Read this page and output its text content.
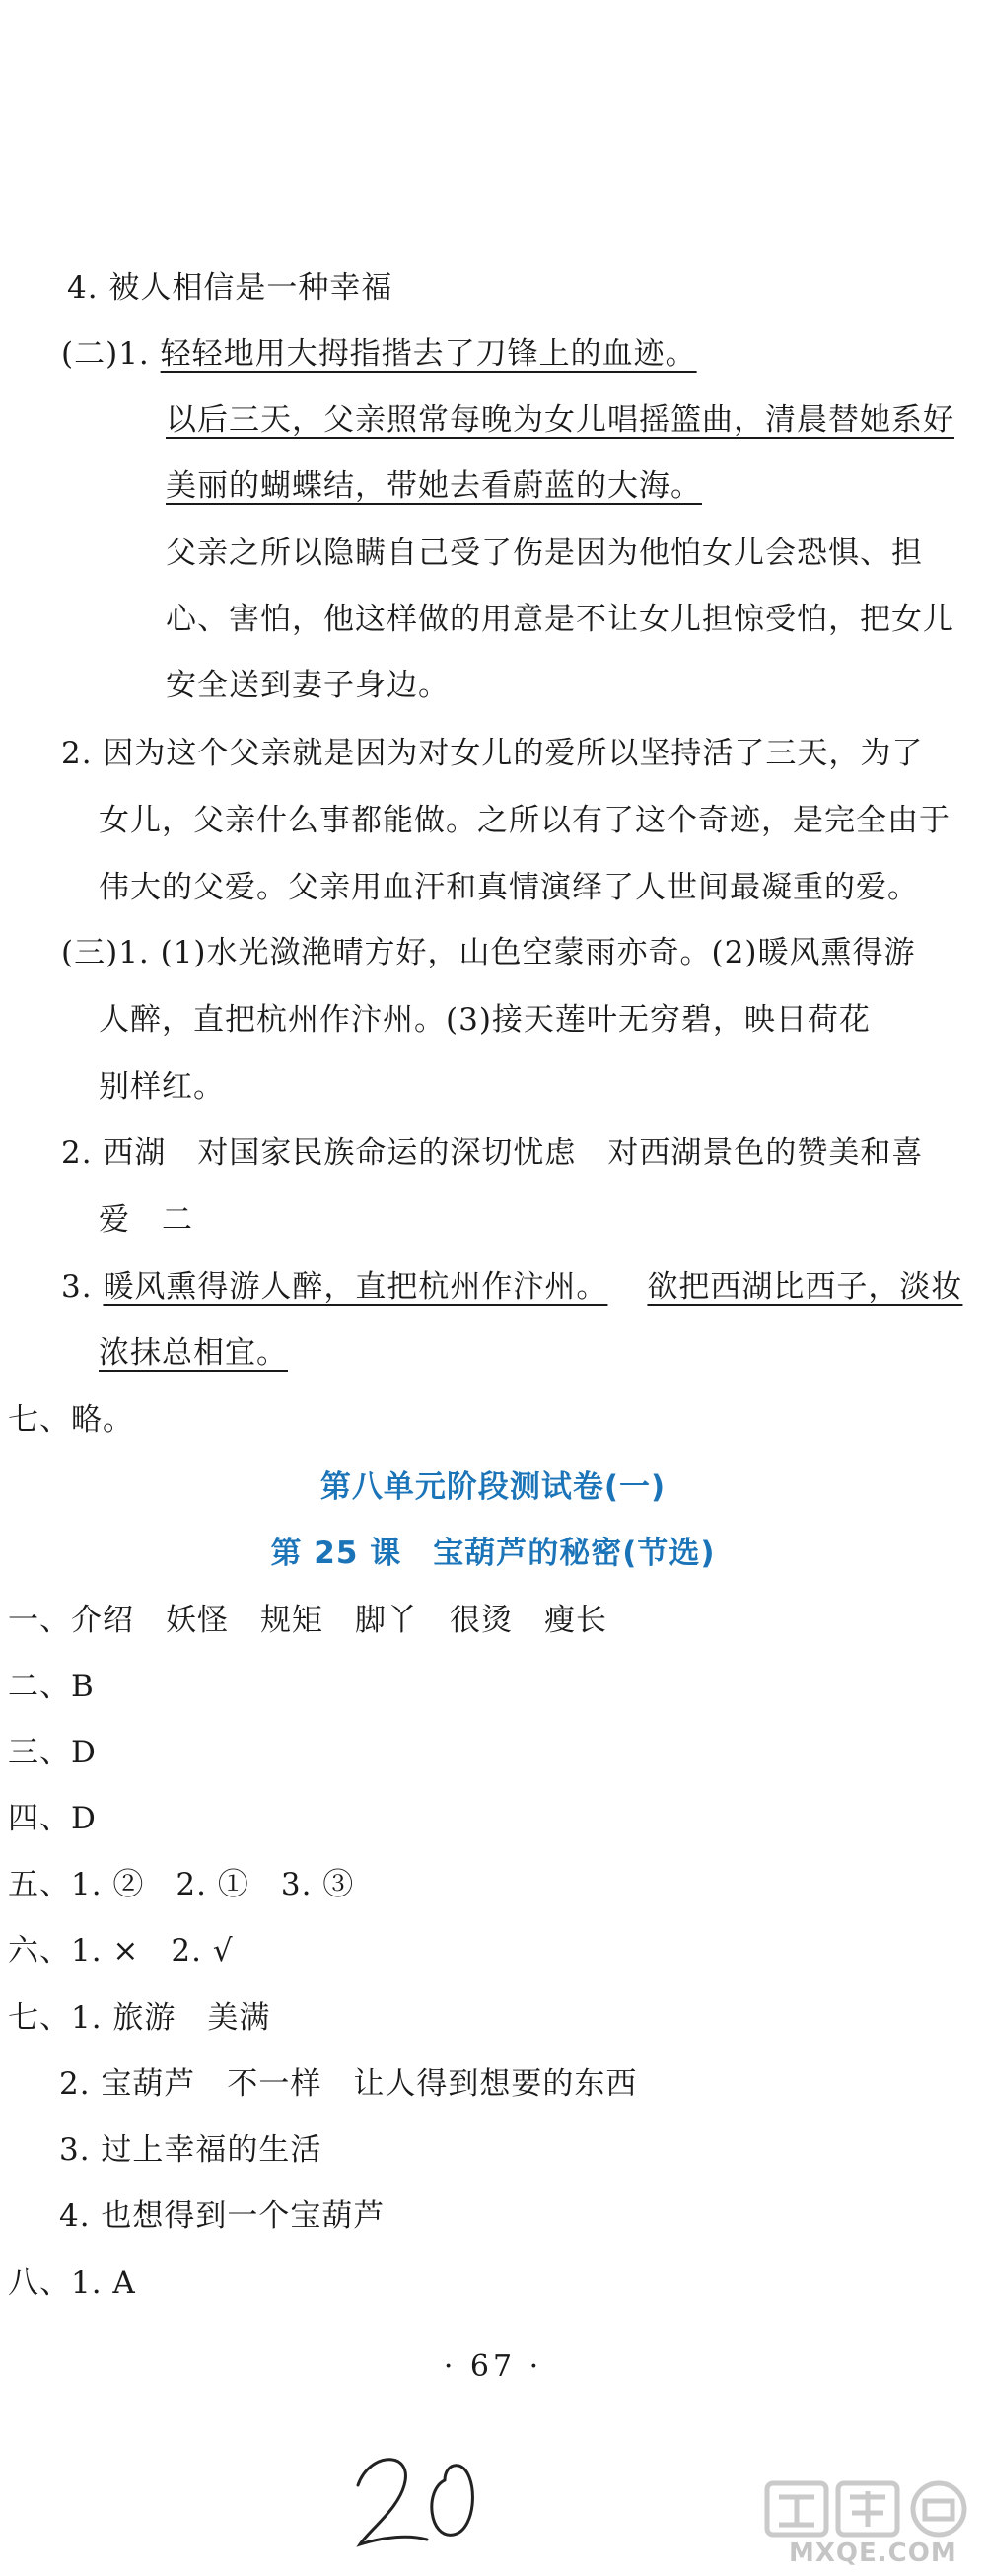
4. 被人相信是一种幸福
(二)1. 轻轻地用大拇指揩去了刀锋上的血迹。
以后三天，父亲照常每晚为女儿唱摇篮曲，清晨替她系好
美丽的蝴蝶结，带她去看蔚蓝的大海。
父亲之所以隐瞒自己受了伤是因为他怕女儿会恐惧、担
心、害怕，他这样做的用意是不让女儿担惊受怕，把女儿
安全送到妻子身边。
2. 因为这个父亲就是因为对女儿的爱所以坚持活了三天，为了
女儿，父亲什么事都能做。之所以有了这个奇迹，是完全由于
伟大的父爱。父亲用血汗和真情演绎了人世间最凝重的爱。
(三)1. (1)水光潋滟晴方好，山色空蒙雨亦奇。(2)暖风熏得游
人醉，直把杭州作汴州。(3)接天莲叶无穷碧，映日荷花
别样红。
2. 西湖　对国家民族命运的深切忧虑　对西湖景色的赞美和喜
爱　二
3. 暖风熏得游人醉，直把杭州作汴州。 欲把西湖比西子，淡妆
浓抹总相宜。
七、略。
第八单元阶段测试卷(一)
第 25 课　宝葫芦的秘密(节选)
一、介绍　妖怪　规矩　脚丫　很烫　瘦长
二、B
三、D
四、D
五、1. ②　2. ①　3. ③
六、1. ×　2. √
七、1. 旅游　美满
2. 宝葫芦　不一样　让人得到想要的东西
3. 过上幸福的生活
4. 也想得到一个宝葫芦
八、1. A
· 67 ·
MXQE.COM
